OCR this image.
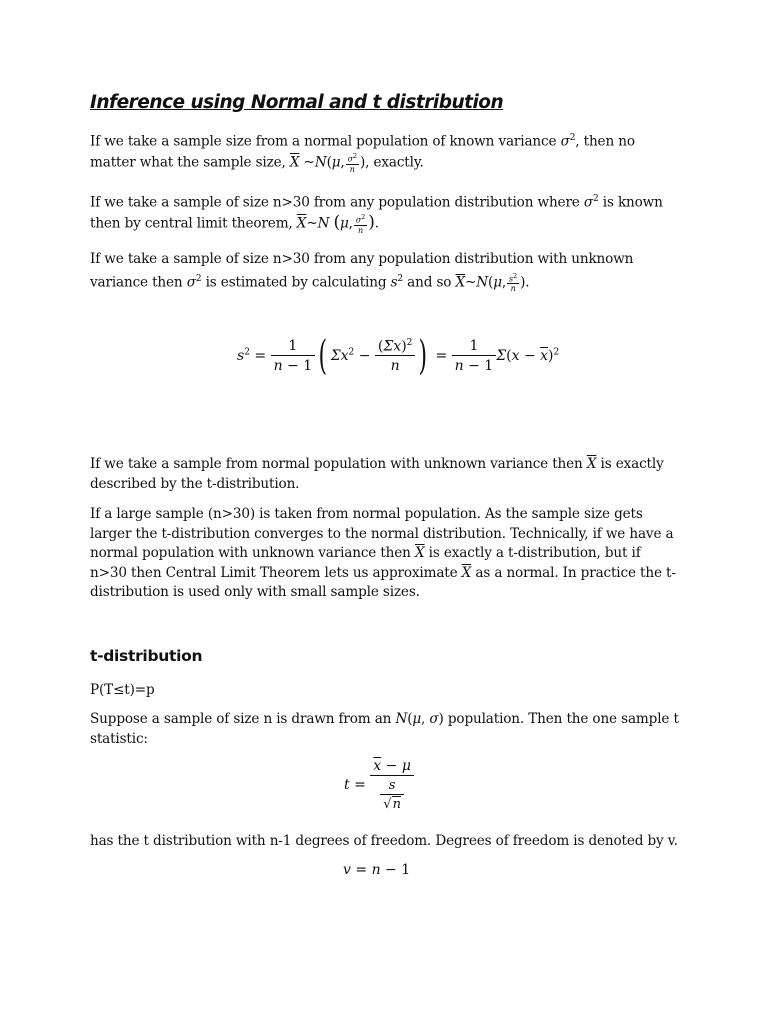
Inference using Normal and t distribution
If we take a sample size from a normal population of known variance $\sigma^2$, then no matter what the sample size, $\overline{X}$ ~N(μ, $\frac{\sigma^2}{n}$ ), exactly.
If we take a sample of size n>30 from any population distribution where $\sigma^2$ is known then by central limit theorem, $\overline{X}\sim N$ (μ, $\frac{\sigma^2}{n}$ ).
If we take a sample of size n>30 from any population distribution with unknown variance then $\sigma^2$ is estimated by calculating $s^2$ and so $\overline{X}\sim N(\mu$, $\frac{s^2}{n}$ ).
$s^2 = \frac{1}{n - 1}$ ( $\Sigma x^2 - \frac{(\Sigma x)^2}{n}$ ) = $\frac{1}{n - 1} \Sigma(x - \overline{x})^2$
If we take a sample from normal population with unknown variance then $\overline{X}$ is exactly described by the t-distribution.
If a large sample (n>30) is taken from normal population. As the sample size gets larger the t-distribution converges to the normal distribution. Technically, if we have a normal population with unknown variance then $\overline{X}$ is exactly a t-distribution, but if n>30 then Central Limit Theorem lets us approximate $\overline{X}$ as a normal. In practice the t-distribution is used only with small sample sizes.
t-distribution
P(T≤t)=p
Suppose a sample of size n is drawn from an N(μ, σ) population. Then the one sample t statistic:
$t = \frac{\overline{x} - \mu}{\frac{s}{√n}}$
has the t distribution with n-1 degrees of freedom. Degrees of freedom is denoted by v.
v = n − 1
